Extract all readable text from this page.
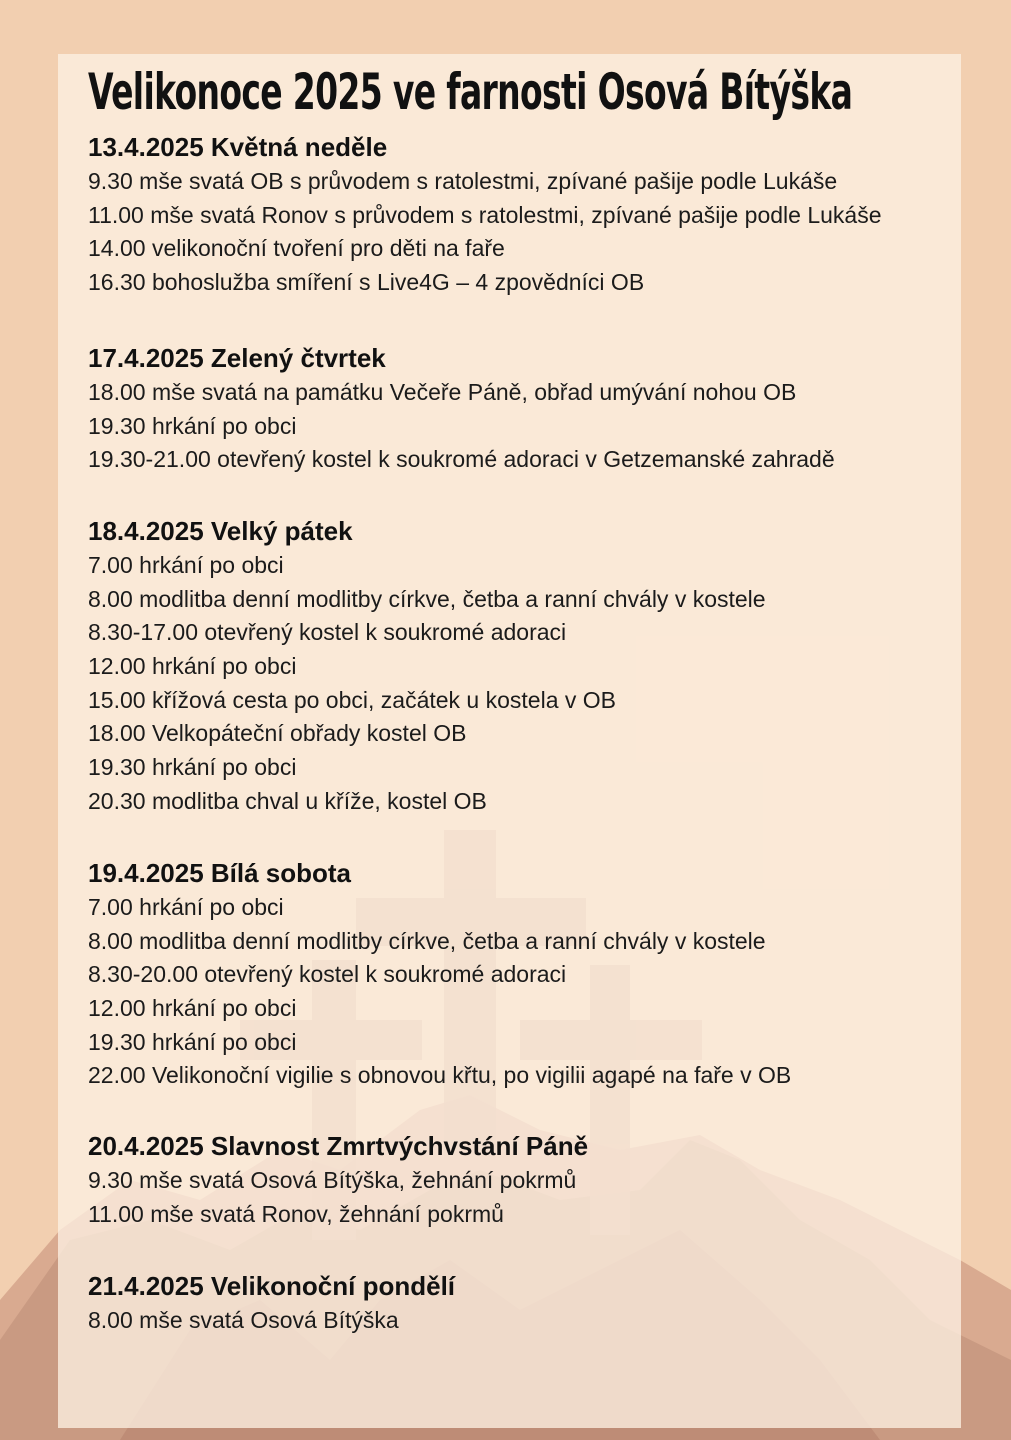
Velikonoce 2025 ve farnosti Osová Bítýška
13.4.2025 Květná neděle
9.30 mše svatá OB s průvodem s ratolestmi, zpívané pašije podle Lukáše
11.00 mše svatá Ronov s průvodem s ratolestmi, zpívané pašije podle Lukáše
14.00 velikonoční tvoření pro děti na faře
16.30 bohoslužba smíření s Live4G – 4 zpovědníci OB
17.4.2025 Zelený čtvrtek
18.00 mše svatá na památku Večeře Páně, obřad umývání nohou OB
19.30 hrkání po obci
19.30-21.00 otevřený kostel k soukromé adoraci v Getzemanské zahradě
18.4.2025 Velký pátek
7.00 hrkání po obci
8.00 modlitba denní modlitby církve, četba a ranní chvály v kostele
8.30-17.00 otevřený kostel k soukromé adoraci
12.00 hrkání po obci
15.00 křížová cesta po obci, začátek u kostela v OB
18.00 Velkopáteční obřady kostel OB
19.30 hrkání po obci
20.30 modlitba chval u kříže, kostel OB
19.4.2025 Bílá sobota
7.00 hrkání po obci
8.00 modlitba denní modlitby církve, četba a ranní chvály v kostele
8.30-20.00 otevřený kostel k soukromé adoraci
12.00 hrkání po obci
19.30 hrkání po obci
22.00 Velikonoční vigilie s obnovou křtu, po vigilii agapé na faře v OB
20.4.2025 Slavnost Zmrtvýchvstání Páně
9.30 mše svatá Osová Bítýška, žehnání pokrmů
11.00 mše svatá Ronov, žehnání pokrmů
21.4.2025 Velikonoční pondělí
8.00 mše svatá Osová Bítýška
